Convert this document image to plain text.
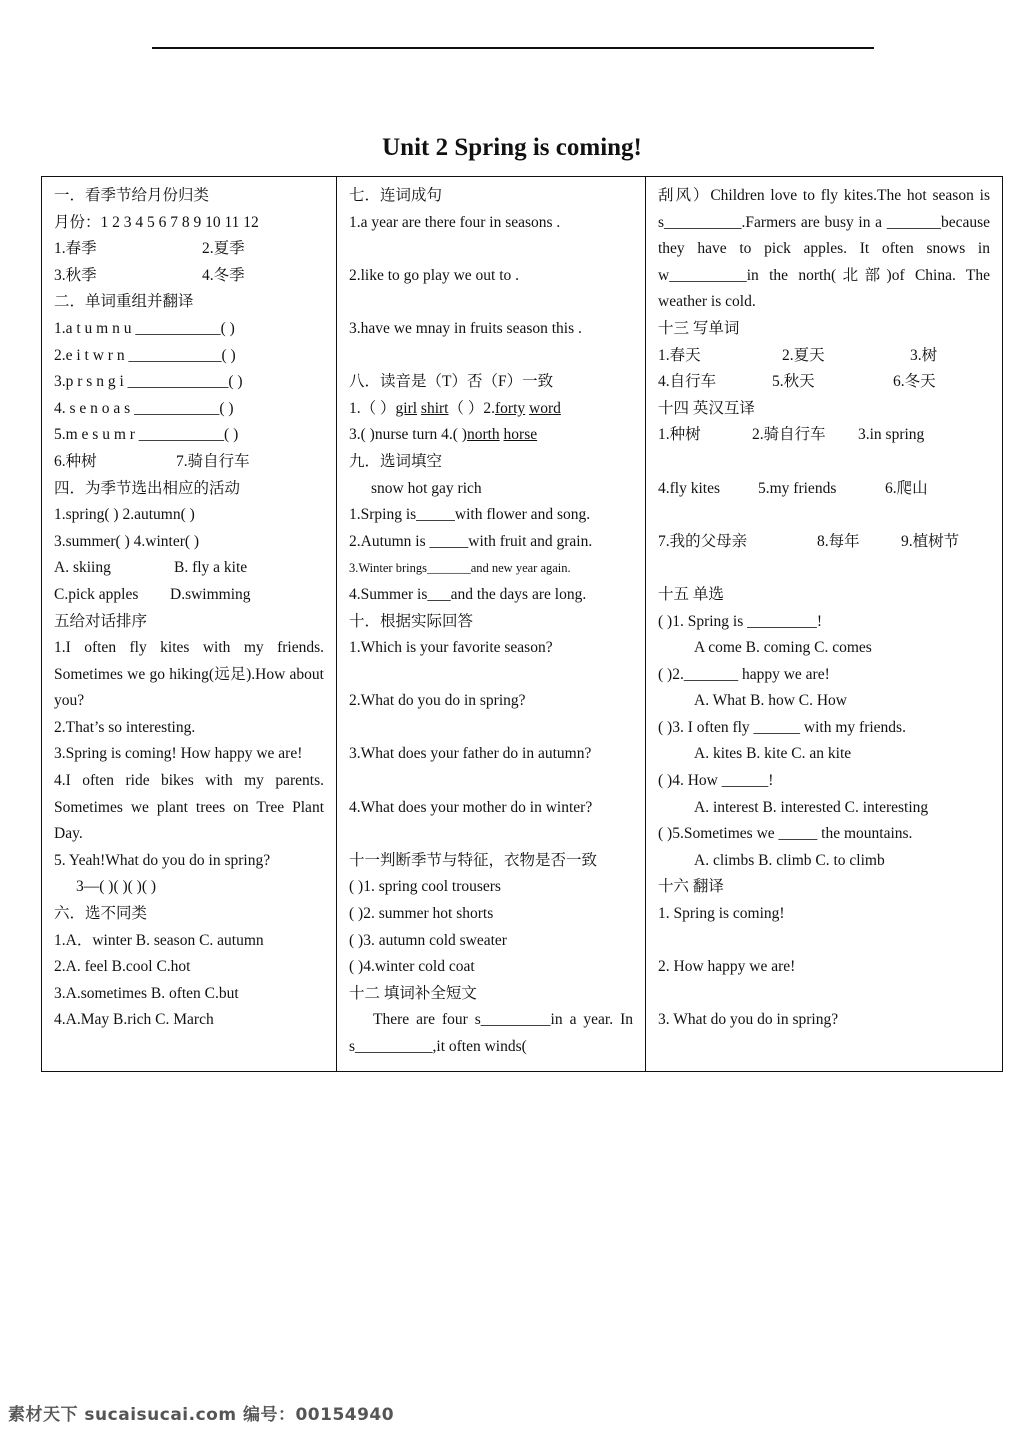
Unit 2 Spring is coming!
一．看季节给月份归类
月份：1 2 3 4 5 6 7 8 9 10 11 12
1.春季	2.夏季
3.秋季	4.冬季
二．单词重组并翻译
1.a t u m n u ___________( )
2.e i t w r n ____________( )
3.p r s n g i _____________( )
4. s e n o a s ___________( )
5.m e s u m r ___________( )
6.种树	7.骑自行车
四．为季节选出相应的活动
1.spring( ) 2.autumn( )
3.summer( ) 4.winter( )
A. skiing	B. fly a kite
C.pick apples D.swimming
五给对话排序
1.I often fly kites with my friends. Sometimes we go hiking(远足).How about you?
2.That’s so interesting.
3.Spring is coming! How happy we are!
4.I often ride bikes with my parents. Sometimes we plant trees on Tree Plant Day.
5. Yeah!What do you do in spring?
3—( )( )( )( )
六．选不同类
1.A．winter B. season C. autumn
2.A. feel B.cool C.hot
3.A.sometimes B. often C.but
4.A.May B.rich C. March
七．连词成句
1.a year are there four in seasons .
2.like to go play we out to .
3.have we mnay in fruits season this .
八．读音是（T）否（F）一致
1.（ ）girl shirt（ ）2.forty word
3.( )nurse turn 4.( )north horse
九．选词填空
snow hot gay rich
1.Srping is_____with flower and song.
2.Autumn is _____with fruit and grain.
3.Winter brings_______and new year again.
4.Summer is___and the days are long.
十．根据实际回答
1.Which is your favorite season?
2.What do you do in spring?
3.What does your father do in autumn?
4.What does your mother do in winter?
十一判断季节与特征，衣物是否一致
( )1. spring cool trousers
( )2. summer hot shorts
( )3. autumn cold sweater
( )4.winter cold coat
十二 填词补全短文
There are four s_________in a year. In s__________,it often winds(
刮风）Children love to fly kites.The hot season is s__________.Farmers are busy in a _______because they have to pick apples. It often snows in w__________in the north(北部)of China. The weather is cold.
十三 写单词
1.春天	2.夏天	3.树
4.自行车	5.秋天	6.冬天
十四 英汉互译
1.种树	2.骑自行车 3.in spring
4.fly kites 5.my friends	6.爬山
7.我的父母亲	8.每年	9.植树节
十五 单选
( )1. Spring is _________!
A come B. coming C. comes
( )2._______ happy we are!
A. What B. how C. How
( )3. I often fly ______ with my friends.
A. kites B. kite C. an kite
( )4. How ______!
A. interest B. interested C. interesting
( )5.Sometimes we _____ the mountains.
A. climbs B. climb C. to climb
十六 翻译
1. Spring is coming!
2. How happy we are!
3. What do you do in spring?
素材天下 sucaisucai.com 编号：00154940
